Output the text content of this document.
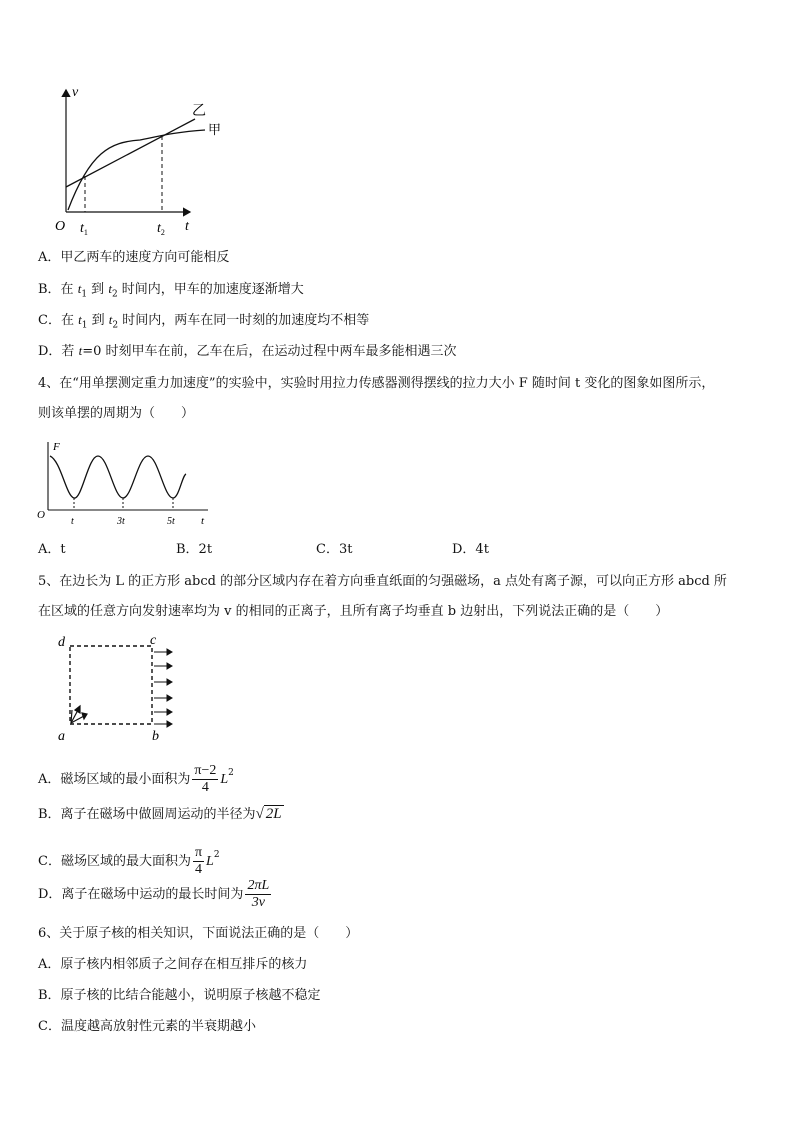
v
t
O $t_1$	$t_2$
乙
甲
A．甲乙两车的速度方向可能相反
B．在 $t_1$ 到 $t_2$ 时间内，甲车的加速度逐渐增大
C．在 $t_1$ 到 $t_2$ 时间内，两车在同一时刻的加速度均不相等
D．若 t=0 时刻甲车在前，乙车在后，在运动过程中两车最多能相遇三次
4、在“用单摆测定重力加速度”的实验中，实验时用拉力传感器测得摆线的拉力大小 F 随时间 t 变化的图象如图所示，
则该单摆的周期为（　　）
F
O	t
t	3t	5t
A．t	B．2t	C．3t	D．4t
5、在边长为 L 的正方形 abcd 的部分区域内存在着方向垂直纸面的匀强磁场，a 点处有离子源，可以向正方形 abcd 所
在区域的任意方向发射速率均为 v 的相同的正离子，且所有离子均垂直 b 边射出，下列说法正确的是（　　）
d	c
a	b
A．磁场区域的最小面积为 $\frac{\pi-2}{4} L^2$
B．离子在磁场中做圆周运动的半径为√ 2L
C．磁场区域的最大面积为 $\frac{\pi}{4} L^2$
D．离子在磁场中运动的最长时间为 $\frac{2\pi L}{3v}$
6、关于原子核的相关知识，下面说法正确的是（　　）
A．原子核内相邻质子之间存在相互排斥的核力
B．原子核的比结合能越小，说明原子核越不稳定
C．温度越高放射性元素的半衰期越小
